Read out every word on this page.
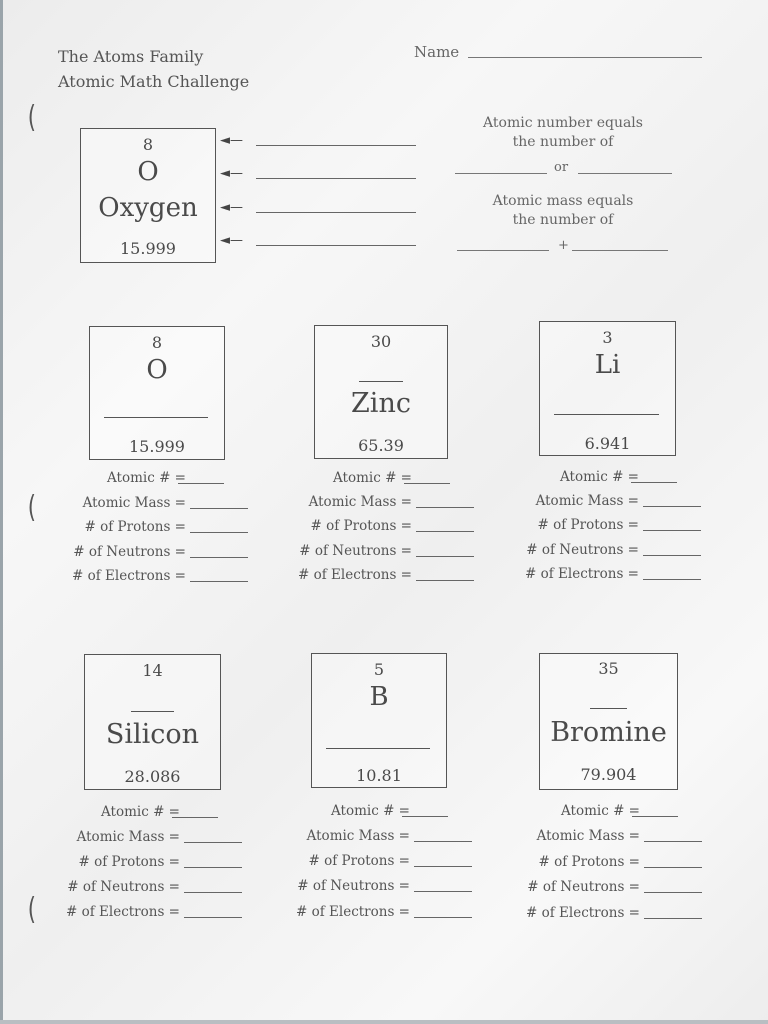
The Atoms Family
Atomic Math Challenge
Name
(
(
(
8
O
Oxygen
15.999
◄—
◄—
◄—
◄—
Atomic number equals
the number of
or
Atomic mass equals
the number of
+
8
O
15.999
30
Zinc
65.39
3
Li
6.941
Atomic # =
Atomic Mass =
# of Protons =
# of Neutrons =
# of Electrons =
Atomic # =
Atomic Mass =
# of Protons =
# of Neutrons =
# of Electrons =
Atomic # =
Atomic Mass =
# of Protons =
# of Neutrons =
# of Electrons =
14
Silicon
28.086
5
B
10.81
35
Bromine
79.904
Atomic # =
Atomic Mass =
# of Protons =
# of Neutrons =
# of Electrons =
Atomic # =
Atomic Mass =
# of Protons =
# of Neutrons =
# of Electrons =
Atomic # =
Atomic Mass =
# of Protons =
# of Neutrons =
# of Electrons =
